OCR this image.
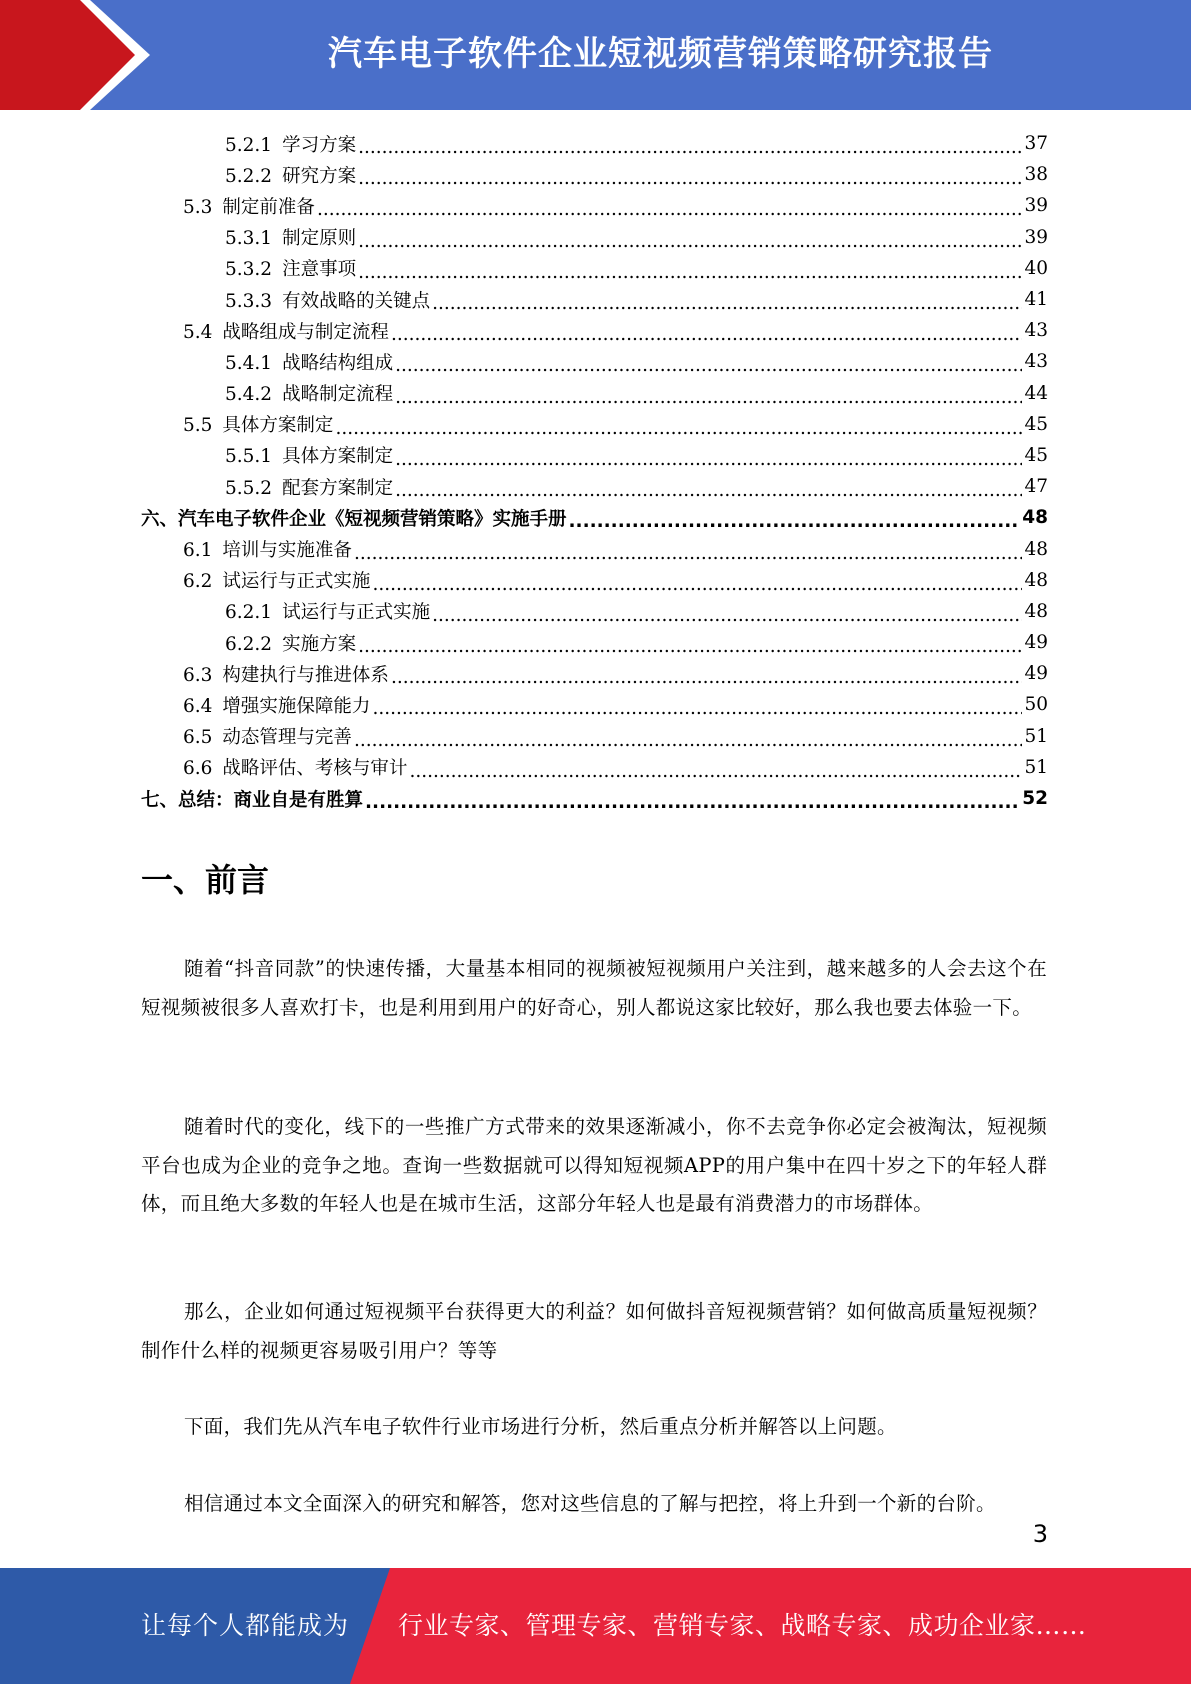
汽车电子软件企业短视频营销策略研究报告
5.2.1 学习方案 .....	37
5.2.2 研究方案 .....	38
5.3 制定前准备 .....	39
5.3.1 制定原则 .....	39
5.3.2 注意事项 .....	40
5.3.3 有效战略的关键点 .....	41
5.4 战略组成与制定流程 .....	43
5.4.1 战略结构组成 .....	43
5.4.2 战略制定流程 .....	44
5.5 具体方案制定 .....	45
5.5.1 具体方案制定 .....	45
5.5.2 配套方案制定 .....	47
六、汽车电子软件企业《短视频营销策略》实施手册 .....	48
6.1 培训与实施准备 .....	48
6.2 试运行与正式实施 .....	48
6.2.1 试运行与正式实施 .....	48
6.2.2 实施方案 .....	49
6.3 构建执行与推进体系 .....	49
6.4 增强实施保障能力 .....	50
6.5 动态管理与完善 .....	51
6.6 战略评估、考核与审计 .....	51
七、总结：商业自是有胜算 .....	52
一、前言
随着“抖音同款”的快速传播，大量基本相同的视频被短视频用户关注到，越来越多的人会去这个在短视频被很多人喜欢打卡，也是利用到用户的好奇心，别人都说这家比较好，那么我也要去体验一下。
随着时代的变化，线下的一些推广方式带来的效果逐渐减小，你不去竞争你必定会被淘汰，短视频平台也成为企业的竞争之地。查询一些数据就可以得知短视频APP的用户集中在四十岁之下的年轻人群体，而且绝大多数的年轻人也是在城市生活，这部分年轻人也是最有消费潜力的市场群体。
那么，企业如何通过短视频平台获得更大的利益？如何做抖音短视频营销？如何做高质量短视频？制作什么样的视频更容易吸引用户？等等
下面，我们先从汽车电子软件行业市场进行分析，然后重点分析并解答以上问题。
相信通过本文全面深入的研究和解答，您对这些信息的了解与把控，将上升到一个新的台阶。
3
让每个人都能成为 行业专家、管理专家、营销专家、战略专家、成功企业家……
